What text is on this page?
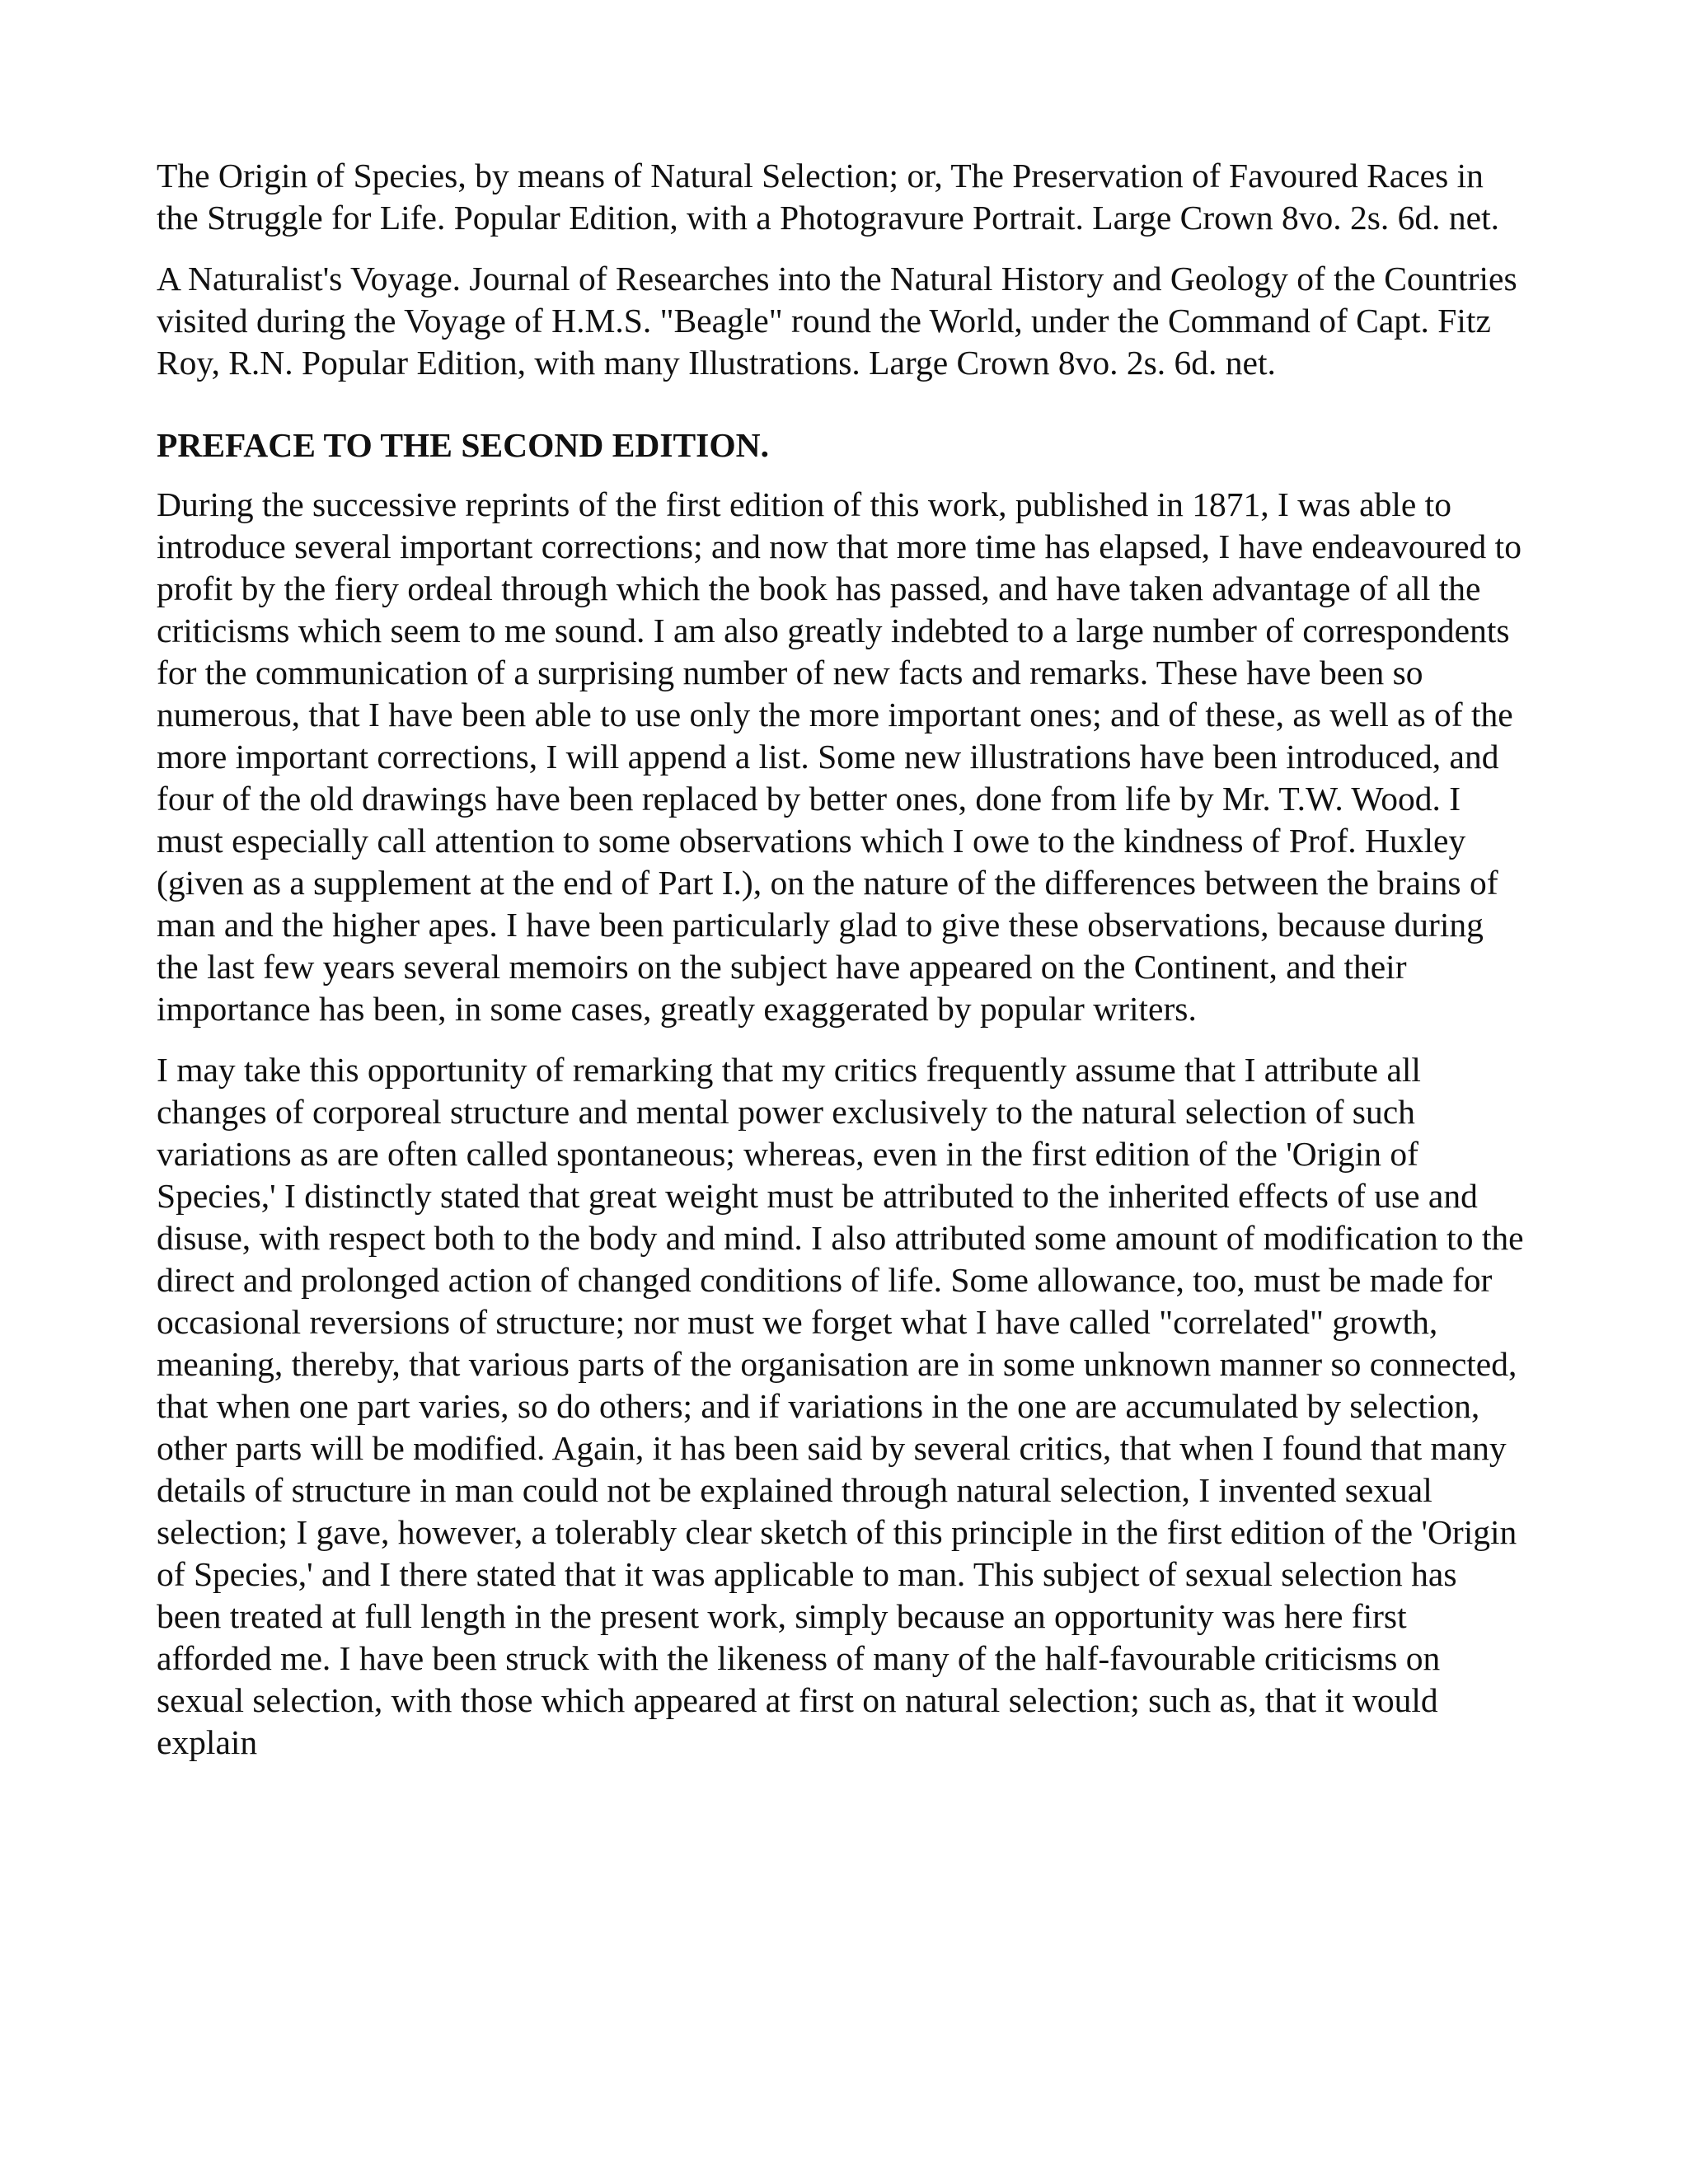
The Origin of Species, by means of Natural Selection; or, The Preservation of Favoured Races in the Struggle for Life. Popular Edition, with a Photogravure Portrait. Large Crown 8vo. 2s. 6d. net.

A Naturalist's Voyage. Journal of Researches into the Natural History and Geology of the Countries visited during the Voyage of H.M.S. "Beagle" round the World, under the Command of Capt. Fitz Roy, R.N. Popular Edition, with many Illustrations. Large Crown 8vo. 2s. 6d. net.

PREFACE TO THE SECOND EDITION.

During the successive reprints of the first edition of this work, published in 1871, I was able to introduce several important corrections; and now that more time has elapsed, I have endeavoured to profit by the fiery ordeal through which the book has passed, and have taken advantage of all the criticisms which seem to me sound. I am also greatly indebted to a large number of correspondents for the communication of a surprising number of new facts and remarks. These have been so numerous, that I have been able to use only the more important ones; and of these, as well as of the more important corrections, I will append a list. Some new illustrations have been introduced, and four of the old drawings have been replaced by better ones, done from life by Mr. T.W. Wood. I must especially call attention to some observations which I owe to the kindness of Prof. Huxley (given as a supplement at the end of Part I.), on the nature of the differences between the brains of man and the higher apes. I have been particularly glad to give these observations, because during the last few years several memoirs on the subject have appeared on the Continent, and their importance has been, in some cases, greatly exaggerated by popular writers.

I may take this opportunity of remarking that my critics frequently assume that I attribute all changes of corporeal structure and mental power exclusively to the natural selection of such variations as are often called spontaneous; whereas, even in the first edition of the 'Origin of Species,' I distinctly stated that great weight must be attributed to the inherited effects of use and disuse, with respect both to the body and mind. I also attributed some amount of modification to the direct and prolonged action of changed conditions of life. Some allowance, too, must be made for occasional reversions of structure; nor must we forget what I have called "correlated" growth, meaning, thereby, that various parts of the organisation are in some unknown manner so connected, that when one part varies, so do others; and if variations in the one are accumulated by selection, other parts will be modified. Again, it has been said by several critics, that when I found that many details of structure in man could not be explained through natural selection, I invented sexual selection; I gave, however, a tolerably clear sketch of this principle in the first edition of the 'Origin of Species,' and I there stated that it was applicable to man. This subject of sexual selection has been treated at full length in the present work, simply because an opportunity was here first afforded me. I have been struck with the likeness of many of the half-favourable criticisms on sexual selection, with those which appeared at first on natural selection; such as, that it would explain
